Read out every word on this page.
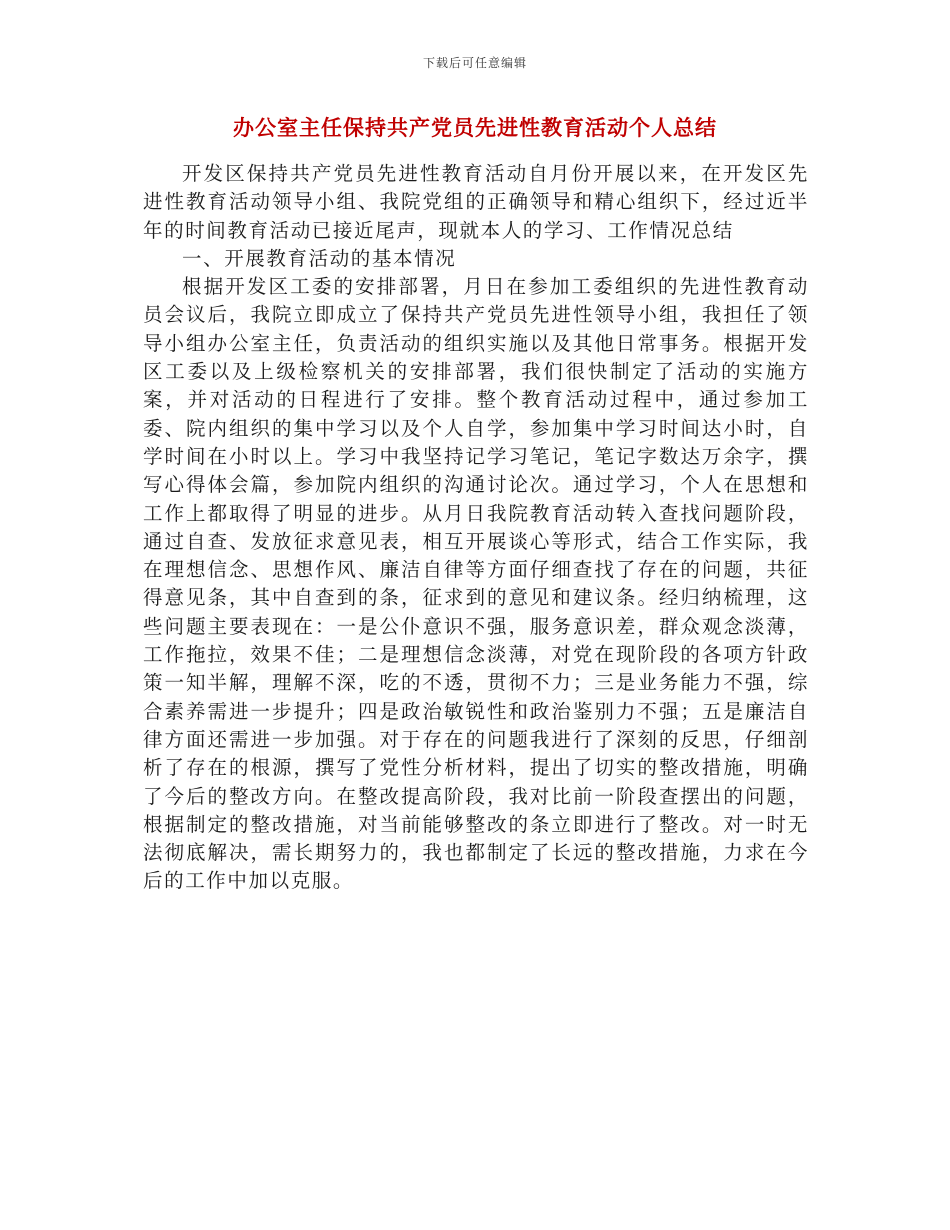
下载后可任意编辑
办公室主任保持共产党员先进性教育活动个人总结

开发区保持共产党员先进性教育活动自月份开展以来，在开发区先进性教育活动领导小组、我院党组的正确领导和精心组织下，经过近半年的时间教育活动已接近尾声，现就本人的学习、工作情况总结

一、开展教育活动的基本情况

根据开发区工委的安排部署，月日在参加工委组织的先进性教育动员会议后，我院立即成立了保持共产党员先进性领导小组，我担任了领导小组办公室主任，负责活动的组织实施以及其他日常事务。根据开发区工委以及上级检察机关的安排部署，我们很快制定了活动的实施方案，并对活动的日程进行了安排。整个教育活动过程中，通过参加工委、院内组织的集中学习以及个人自学，参加集中学习时间达小时，自学时间在小时以上。学习中我坚持记学习笔记，笔记字数达万余字，撰写心得体会篇，参加院内组织的沟通讨论次。通过学习，个人在思想和工作上都取得了明显的进步。从月日我院教育活动转入查找问题阶段，通过自查、发放征求意见表，相互开展谈心等形式，结合工作实际，我在理想信念、思想作风、廉洁自律等方面仔细查找了存在的问题，共征得意见条，其中自查到的条，征求到的意见和建议条。经归纳梳理，这些问题主要表现在：一是公仆意识不强，服务意识差，群众观念淡薄，工作拖拉，效果不佳；二是理想信念淡薄，对党在现阶段的各项方针政策一知半解，理解不深，吃的不透，贯彻不力；三是业务能力不强，综合素养需进一步提升；四是政治敏锐性和政治鉴别力不强；五是廉洁自律方面还需进一步加强。对于存在的问题我进行了深刻的反思，仔细剖析了存在的根源，撰写了党性分析材料，提出了切实的整改措施，明确了今后的整改方向。在整改提高阶段，我对比前一阶段查摆出的问题，根据制定的整改措施，对当前能够整改的条立即进行了整改。对一时无法彻底解决，需长期努力的，我也都制定了长远的整改措施，力求在今后的工作中加以克服。
